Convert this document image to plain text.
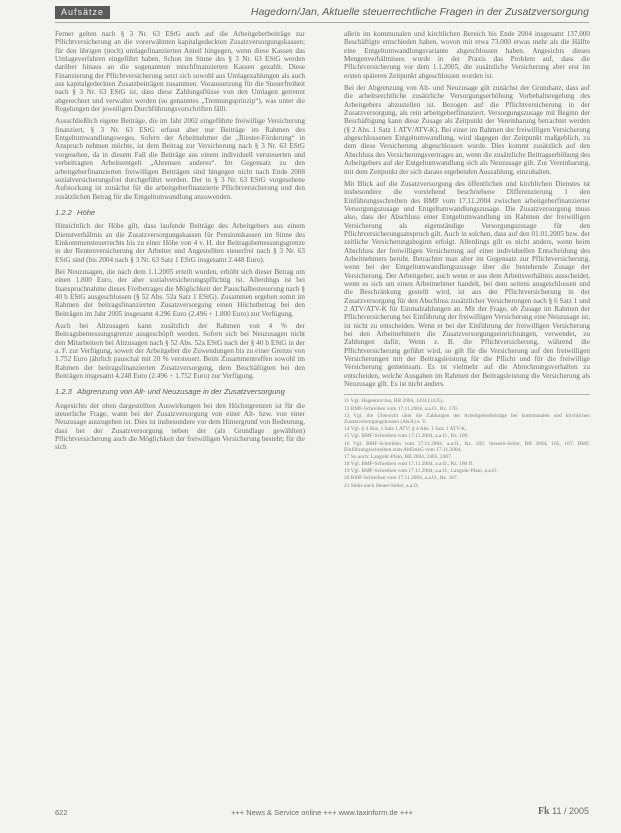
Aufsätze	Hagedorn/Jan, Aktuelle steuerrechtliche Fragen in der Zusatzversorgung

Ferner gelten nach § 3 Nr. 63 EStG auch auf die Arbeitgeberbeiträge zur Pflichtversicherung an die vorerwähnten kapitalgedeckten Zusatzversorgungskassen; für den übrigen (noch) umlagefinanzierten Anteil hingegen, wenn diese Kassen das Umlageverfahren eingeführt haben. Schon im Sinne des § 3 Nr. 63 EStG werden darüber hinaus an die sogenannten mischfinanzierten Kassen gezahlt. Diese Finanzierung der Pflichtversicherung setzt sich sowohl aus Umlagezahlungen als auch aus kapitalgedeckten Zusatzbeiträgen zusammen. Voraussetzung für die Steuerfreiheit nach § 3 Nr. 63 EStG ist, dass diese Zahlungsflüsse von den Umlagen getrennt abgerechnet und verwaltet werden (so genanntes „Trennungsprinzip“), was unter die Regelungen der jeweiligen Durchführungsvorschriften fällt.

Ausschließlich eigene Beiträge, die im Jahr 2002 eingeführte freiwillige Versicherung finanziert, § 3 Nr. 63 EStG erfasst aber nur Beiträge im Rahmen des Entgeltumwandlungsweges. Sofern der Arbeitnehmer die „Riester-Förderung“ in Anspruch nehmen möchte, ist dem Beitrag zur Versicherung nach § 3 Nr. 63 EStG vorgesehen, da in diesem Fall die Beiträge aus einem individuell versteuerten und verbeitragten Arbeitsentgelt „Ahrensen anderes“. Im Gegensatz zu den arbeitgeberfinanzierten freiwilligen Beiträgen sind hingegen nicht nach Ende 2008 sozialversicherungsfrei durchgeführt werden. Der in § 3 Nr. 63 EStG vorgesehene Aufstockung ist zunächst für die arbeitgeberfinanzierte Pflichtversicherung und den zusätzlichen Betrag für die Entgeltumwandlung anzuwenden.

1.2.2 Höhe

Hinsichtlich der Höhe gilt, dass laufende Beiträge des Arbeitgebers aus einem Dienstverhältnis an die Zusatzversorgungskassen für Pensionskassen im Sinne des Einkommensteuerrechts bis zu einer Höhe von 4 v. H. der Beitragsbemessungsgrenze in der Rentenversicherung der Arbeiter und Angestellten steuerfrei nach § 3 Nr. 63 EStG sind (bis 2004 nach § 3 Nr. 63 Satz 1 EStG insgesamt 2.448 Euro).

Bei Neuzusagen, die nach dem 1.1.2005 erteilt wurden, erhöht sich dieser Betrag um einen 1.800 Euro, der aber sozialversicherungspflichtig ist. Allerdings ist bei Inanspruchnahme dieses Freibetrages die Möglichkeit der Pauschalbesteuerung nach § 40 b EStG ausgeschlossen (§ 52 Abs. 52a Satz 1 EStG). Zusammen ergeben somit im Rahmen der beitragsfinanzierten Zusatzversorgung einen Höchstbetrag bei den Beiträgen im Jahr 2005 insgesamt 4.296 Euro (2.496 + 1.800 Euro) zur Verfügung.

Auch bei Altzusagen kann zusätzlich der Rahmen von 4 % der Beitragsbemessungsgrenze ausgeschöpft werden. Sofern sich bei Neuzusagen nicht den Mitarbeitern bei Altzusagen nach § 52 Abs. 52a EStG nach der § 40 b EStG in der a. F. zur Verfügung, soweit der Arbeitgeber die Zuwendungen bis zu einer Grenze von 1.752 Euro jährlich pauschal mit 20 % versteuert. Beim Zusammentreffen sowohl im Rahmen der beitragsfinanzierten Zusatzversorgung, dem Beschäftigten bei den Beiträgen insgesamt 4.248 Euro (2.496 + 1.752 Euro) zur Verfügung.

1.2.3 Abgrenzung von Alt- und Neuzusage in der Zusatzversorgung

Angesichts der oben dargestellten Auswirkungen bei den Höchstgrenzen ist für die steuerliche Frage, wann bei der Zusatzversorgung von einer Alt- bzw. von einer Neuzusage auszugehen ist. Dies ist insbesondere vor dem Hintergrund von Bedeutung, dass bei der Zusatzversorgung neben der (als Grundlage gewählten) Pflichtversicherung auch die Möglichkeit der freiwilligen Versicherung besteht; für die sich

allein im kommunalen und kirchlichen Bereich bis Ende 2004 insgesamt 137.000 Beschäftigte entschieden haben, wovon mit etwa 73.000 etwas mehr als die Hälfte eine Entgeltumwandlungsvariante abgeschlossen haben. Angesichts dieses Mengenverhältnisses wurde in der Praxis das Problem auf, dass die Pflichtversicherung vor dem 1.1.2005, die zusätzliche Versicherung aber erst im ersten späteren Zeitpunkt abgeschlossen worden ist.

Bei der Abgrenzung von Alt- und Neuzusage gilt zunächst der Grundsatz, dass auf die arbeitsrechtliche zusätzliche Versorgungserhöhung Vorbehaltsregelung des Arbeitgebers abzustellen ist. Bezogen auf die Pflichtversicherung in der Zusatzversorgung, als rein arbeitgeberfinanziert. Versorgungszusage mit Beginn der Beschäftigung kann diese Zusage als Zeitpunkt der Vereinbarung betrachtet werden (§ 2 Abs. 1 Satz 1 ATV/ATV-K). Bei einer im Rahmen der freiwilligen Versicherung abgeschlossenen Entgeltumwandlung, wird dagegen der Zeitpunkt maßgeblich, zu dem diese Versicherung abgeschlossen wurde. Dies kommt zusätzlich auf den Abschluss des Versicherungsvertrages an, wenn die zusätzliche Beitragserhöhung des Arbeitgebers auf der Entgeltumwandlung sich als Neuzusage gilt. Zur Vereinbarung, mit dem Zeitpunkt der sich daraus ergebenden Auszahlung, einzuhalten.

Mit Blick auf die Zusatzversorgung des öffentlichen und kirchlichen Dienstes ist insbesondere die vorstehend beschriebene Differenzierung 1 den Einführungsschreiben des BMF vom 17.11.2004 zwischen arbeitgeberfinanzierter Versorgungszusage und Entgeltumwandlungszusage. Die Zusatzversorgung muss also, dass der Abschluss einer Entgeltumwandlung im Rahmen der freiwilligen Versicherung als eigenständige Versorgungszusage für den Pflichtversicherungsanspruch gilt. Auch in solchen, dass auf den 01.01.2005 bzw. der zeitliche Versicherungsbeginn erfolgt. Allerdings gilt es nicht anders, wenn beim Abschluss der freiwilligen Versicherung auf einer individuellen Entscheidung des Arbeitnehmers beruht. Betrachtet man aber im Gegensatz zur Pflichtversicherung, wenn bei der Entgeltumwandlungszusage über die bestehende Zusage der Versicherung. Der Arbeitgeber, auch wenn er aus dem Arbeitsverhältnis ausscheidet, wenn es sich um einen Arbeitnehmer handelt, bei dem seitens ausgeschlossen und die Beschränkung gestellt wird, ist aus der Pflichtversicherung in der Zusatzversorgung für den Abschluss zusätzlicher Versicherungen nach § 6 Satz 1 und 2 ATV/ATV-K für Einmalzahlungen an. Mit der Frage, ob Zusage im Rahmen der Pflichtversicherung bei Einführung der freiwilligen Versicherung eine Neuzusage ist, ist nicht zu entscheiden. Wenn er bei der Einführung der freiwilligen Versicherung bei den Arbeitnehmern die Zusatzversorgungseinrichtungen, verwendet, zu Zahlungen dafür, Wenn z. B. die Pflichtversicherung, während die Pflichtversicherung geführt wird, so gilt für die Versicherung auf den freiwilligen Versicherungen mit der Beitragsleistung für die Pflicht und für die freiwillige Versicherung gemeinsam. Es ist vielmehr auf die Abrechnungsverhalten zu entscheiden, welche Ausgaben im Rahmen der Beitragsleistung die Versicherung als Neuzusage gilt. Es ist nicht anders.

11 Vgl. Hagedorn/Jan, BB 2004, 1434 (1435).
12 BMF-Schreiben vom 17.11.2004, a.a.O., Rz. 170.
13 Vgl. die Übersicht über die Zahlungen der Arbeitgeberbeiträge bei kommunalen und kirchlichen Zusatzversorgungskassen (AKA) e. V.
14 Vgl. § 4 Abs. 1 Satz 1 ATV; § 4 Abs. 1 Satz 1 ATV-K.
15 Vgl. BMF-Schreiben vom 17.11.2004, a.a.O., Rz. 180.
16 Vgl. BMF-Schreiben vom 17.11.2004, a.a.O., Rz. 182; Steuern-Seiler, BB 2004, 165, 167; BMF, Einführungsschreiben zum AltEinkG vom 17.11.2004.
17 So auch: Langohr-Plato, BB 2004, 2405, 2407.
18 Vgl. BMF-Schreiben vom 17.11.2004, a.a.O., Rz. 186 ff.
19 Vgl. BMF-Schreiben vom 17.11.2004, a.a.O.; Langohr-Plato, a.a.O.
20 BMF-Schreiben vom 17.11.2004, a.a.O., Rz. 187.
21 Siehe auch Steuer-Seiler, a.a.O.
622	+++ News & Service online +++ www.taxinform.de +++	Fk 11 / 2005
